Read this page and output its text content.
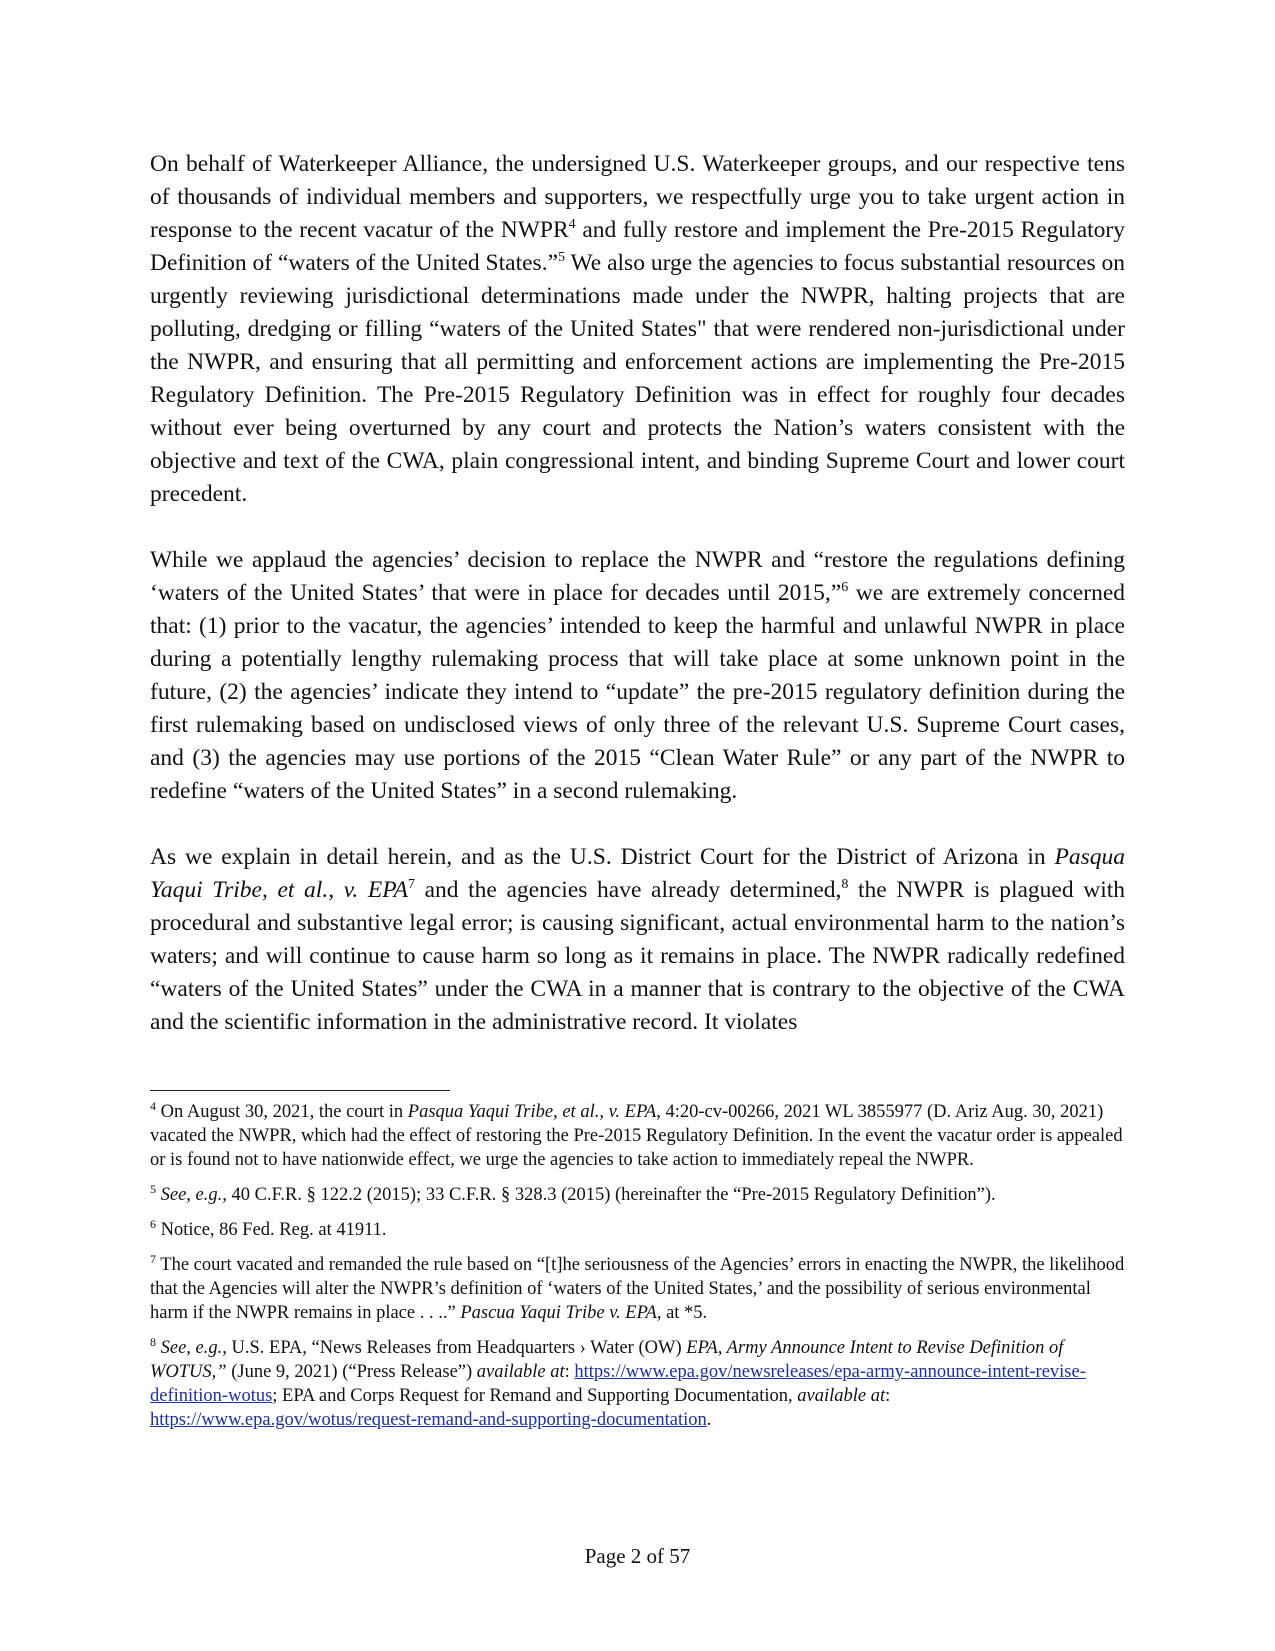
On behalf of Waterkeeper Alliance, the undersigned U.S. Waterkeeper groups, and our respective tens of thousands of individual members and supporters, we respectfully urge you to take urgent action in response to the recent vacatur of the NWPR$^4$ and fully restore and implement the Pre-2015 Regulatory Definition of “waters of the United States.”$^5$ We also urge the agencies to focus substantial resources on urgently reviewing jurisdictional determinations made under the NWPR, halting projects that are polluting, dredging or filling “waters of the United States" that were rendered non-jurisdictional under the NWPR, and ensuring that all permitting and enforcement actions are implementing the Pre-2015 Regulatory Definition. The Pre-2015 Regulatory Definition was in effect for roughly four decades without ever being overturned by any court and protects the Nation’s waters consistent with the objective and text of the CWA, plain congressional intent, and binding Supreme Court and lower court precedent.

While we applaud the agencies’ decision to replace the NWPR and “restore the regulations defining ‘waters of the United States’ that were in place for decades until 2015,”$^6$ we are extremely concerned that: (1) prior to the vacatur, the agencies’ intended to keep the harmful and unlawful NWPR in place during a potentially lengthy rulemaking process that will take place at some unknown point in the future, (2) the agencies’ indicate they intend to “update” the pre-2015 regulatory definition during the first rulemaking based on undisclosed views of only three of the relevant U.S. Supreme Court cases, and (3) the agencies may use portions of the 2015 “Clean Water Rule” or any part of the NWPR to redefine “waters of the United States” in a second rulemaking.

As we explain in detail herein, and as the U.S. District Court for the District of Arizona in Pasqua Yaqui Tribe, et al., v. EPA$^7$ and the agencies have already determined,$^8$ the NWPR is plagued with procedural and substantive legal error; is causing significant, actual environmental harm to the nation’s waters; and will continue to cause harm so long as it remains in place. The NWPR radically redefined “waters of the United States” under the CWA in a manner that is contrary to the objective of the CWA and the scientific information in the administrative record. It violates

$^4$ On August 30, 2021, the court in Pasqua Yaqui Tribe, et al., v. EPA, 4:20-cv-00266, 2021 WL 3855977 (D. Ariz Aug. 30, 2021) vacated the NWPR, which had the effect of restoring the Pre-2015 Regulatory Definition. In the event the vacatur order is appealed or is found not to have nationwide effect, we urge the agencies to take action to immediately repeal the NWPR.

$^5$ See, e.g., 40 C.F.R. § 122.2 (2015); 33 C.F.R. § 328.3 (2015) (hereinafter the “Pre-2015 Regulatory Definition”).

$^6$ Notice, 86 Fed. Reg. at 41911.

$^7$ The court vacated and remanded the rule based on “[t]he seriousness of the Agencies’ errors in enacting the NWPR, the likelihood that the Agencies will alter the NWPR’s definition of ‘waters of the United States,’ and the possibility of serious environmental harm if the NWPR remains in place . . ..” Pascua Yaqui Tribe v. EPA, at *5.

$^8$ See, e.g., U.S. EPA, “News Releases from Headquarters › Water (OW) EPA, Army Announce Intent to Revise Definition of WOTUS,” (June 9, 2021) (“Press Release”) available at: https://www.epa.gov/newsreleases/epa-army-announce-intent-revise-definition-wotus; EPA and Corps Request for Remand and Supporting Documentation, available at: https://www.epa.gov/wotus/request-remand-and-supporting-documentation.

Page 2 of 57
